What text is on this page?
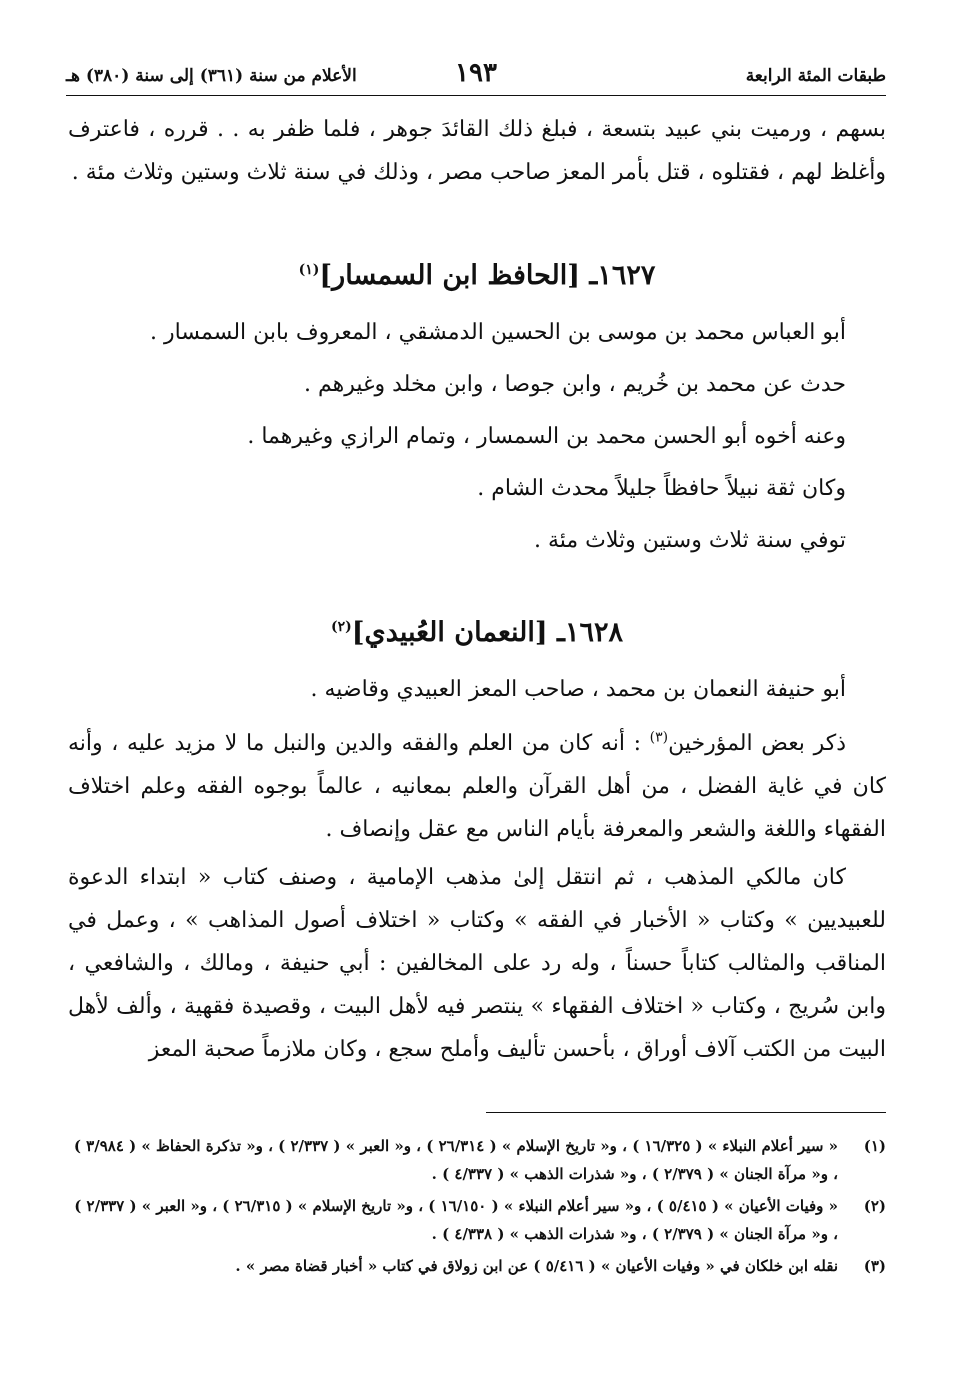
طبقات المئة الرابعة
١٩٣
الأعلام من سنة (٣٦١) إلى سنة (٣٨٠) هـ

بسهم ، ورميت بني عبيد بتسعة ، فبلغ ذلك القائدَ جوهر ، فلما ظفر به . . قرره ، فاعترف وأغلظ لهم ، فقتلوه ، قتل بأمر المعز صاحب مصر ، وذلك في سنة ثلاث وستين وثلاث مئة .

١٦٢٧ـ [الحافظ ابن السمسار]$^{(١)}$

أبو العباس محمد بن موسى بن الحسين الدمشقي ، المعروف بابن السمسار .

حدث عن محمد بن خُريم ، وابن جوصا ، وابن مخلد وغيرهم .

وعنه أخوه أبو الحسن محمد بن السمسار ، وتمام الرازي وغيرهما .

وكان ثقة نبيلاً حافظاً جليلاً محدث الشام .

توفي سنة ثلاث وستين وثلاث مئة .

١٦٢٨ـ [النعمان العُبيدي]$^{(٢)}$

أبو حنيفة النعمان بن محمد ، صاحب المعز العبيدي وقاضيه .

ذكر بعض المؤرخين$^{(٣)}$ : أنه كان من العلم والفقه والدين والنبل ما لا مزيد عليه ، وأنه كان في غاية الفضل ، من أهل القرآن والعلم بمعانيه ، عالماً بوجوه الفقه وعلم اختلاف الفقهاء واللغة والشعر والمعرفة بأيام الناس مع عقل وإنصاف .

كان مالكي المذهب ، ثم انتقل إلىٰ مذهب الإمامية ، وصنف كتاب « ابتداء الدعوة للعبيديين » وكتاب « الأخبار في الفقه » وكتاب « اختلاف أصول المذاهب » ، وعمل في المناقب والمثالب كتاباً حسناً ، وله رد على المخالفين : أبي حنيفة ، ومالك ، والشافعي ، وابن سُريج ، وكتاب « اختلاف الفقهاء » ينتصر فيه لأهل البيت ، وقصيدة فقهية ، وألف لأهل البيت من الكتب آلاف أوراق ، بأحسن تأليف وأملح سجع ، وكان ملازماً صحبة المعز

(١)
« سير أعلام النبلاء » ( ١٦/٣٢٥ ) ، و« تاريخ الإسلام » ( ٢٦/٣١٤ ) ، و« العبر » ( ٢/٣٣٧ ) ، و« تذكرة الحفاظ » ( ٣/٩٨٤ ) ، و« مرآة الجنان » ( ٢/٣٧٩ ) ، و« شذرات الذهب » ( ٤/٣٣٧ ) .
(٢)
« وفيات الأعيان » ( ٥/٤١٥ ) ، و« سير أعلام النبلاء » ( ١٦/١٥٠ ) ، و« تاريخ الإسلام » ( ٢٦/٣١٥ ) ، و« العبر » ( ٢/٣٣٧ ) ، و« مرآة الجنان » ( ٢/٣٧٩ ) ، و« شذرات الذهب » ( ٤/٣٣٨ ) .
(٣)
نقله ابن خلكان في « وفيات الأعيان » ( ٥/٤١٦ ) عن ابن زولاق في كتاب « أخبار قضاة مصر » .
